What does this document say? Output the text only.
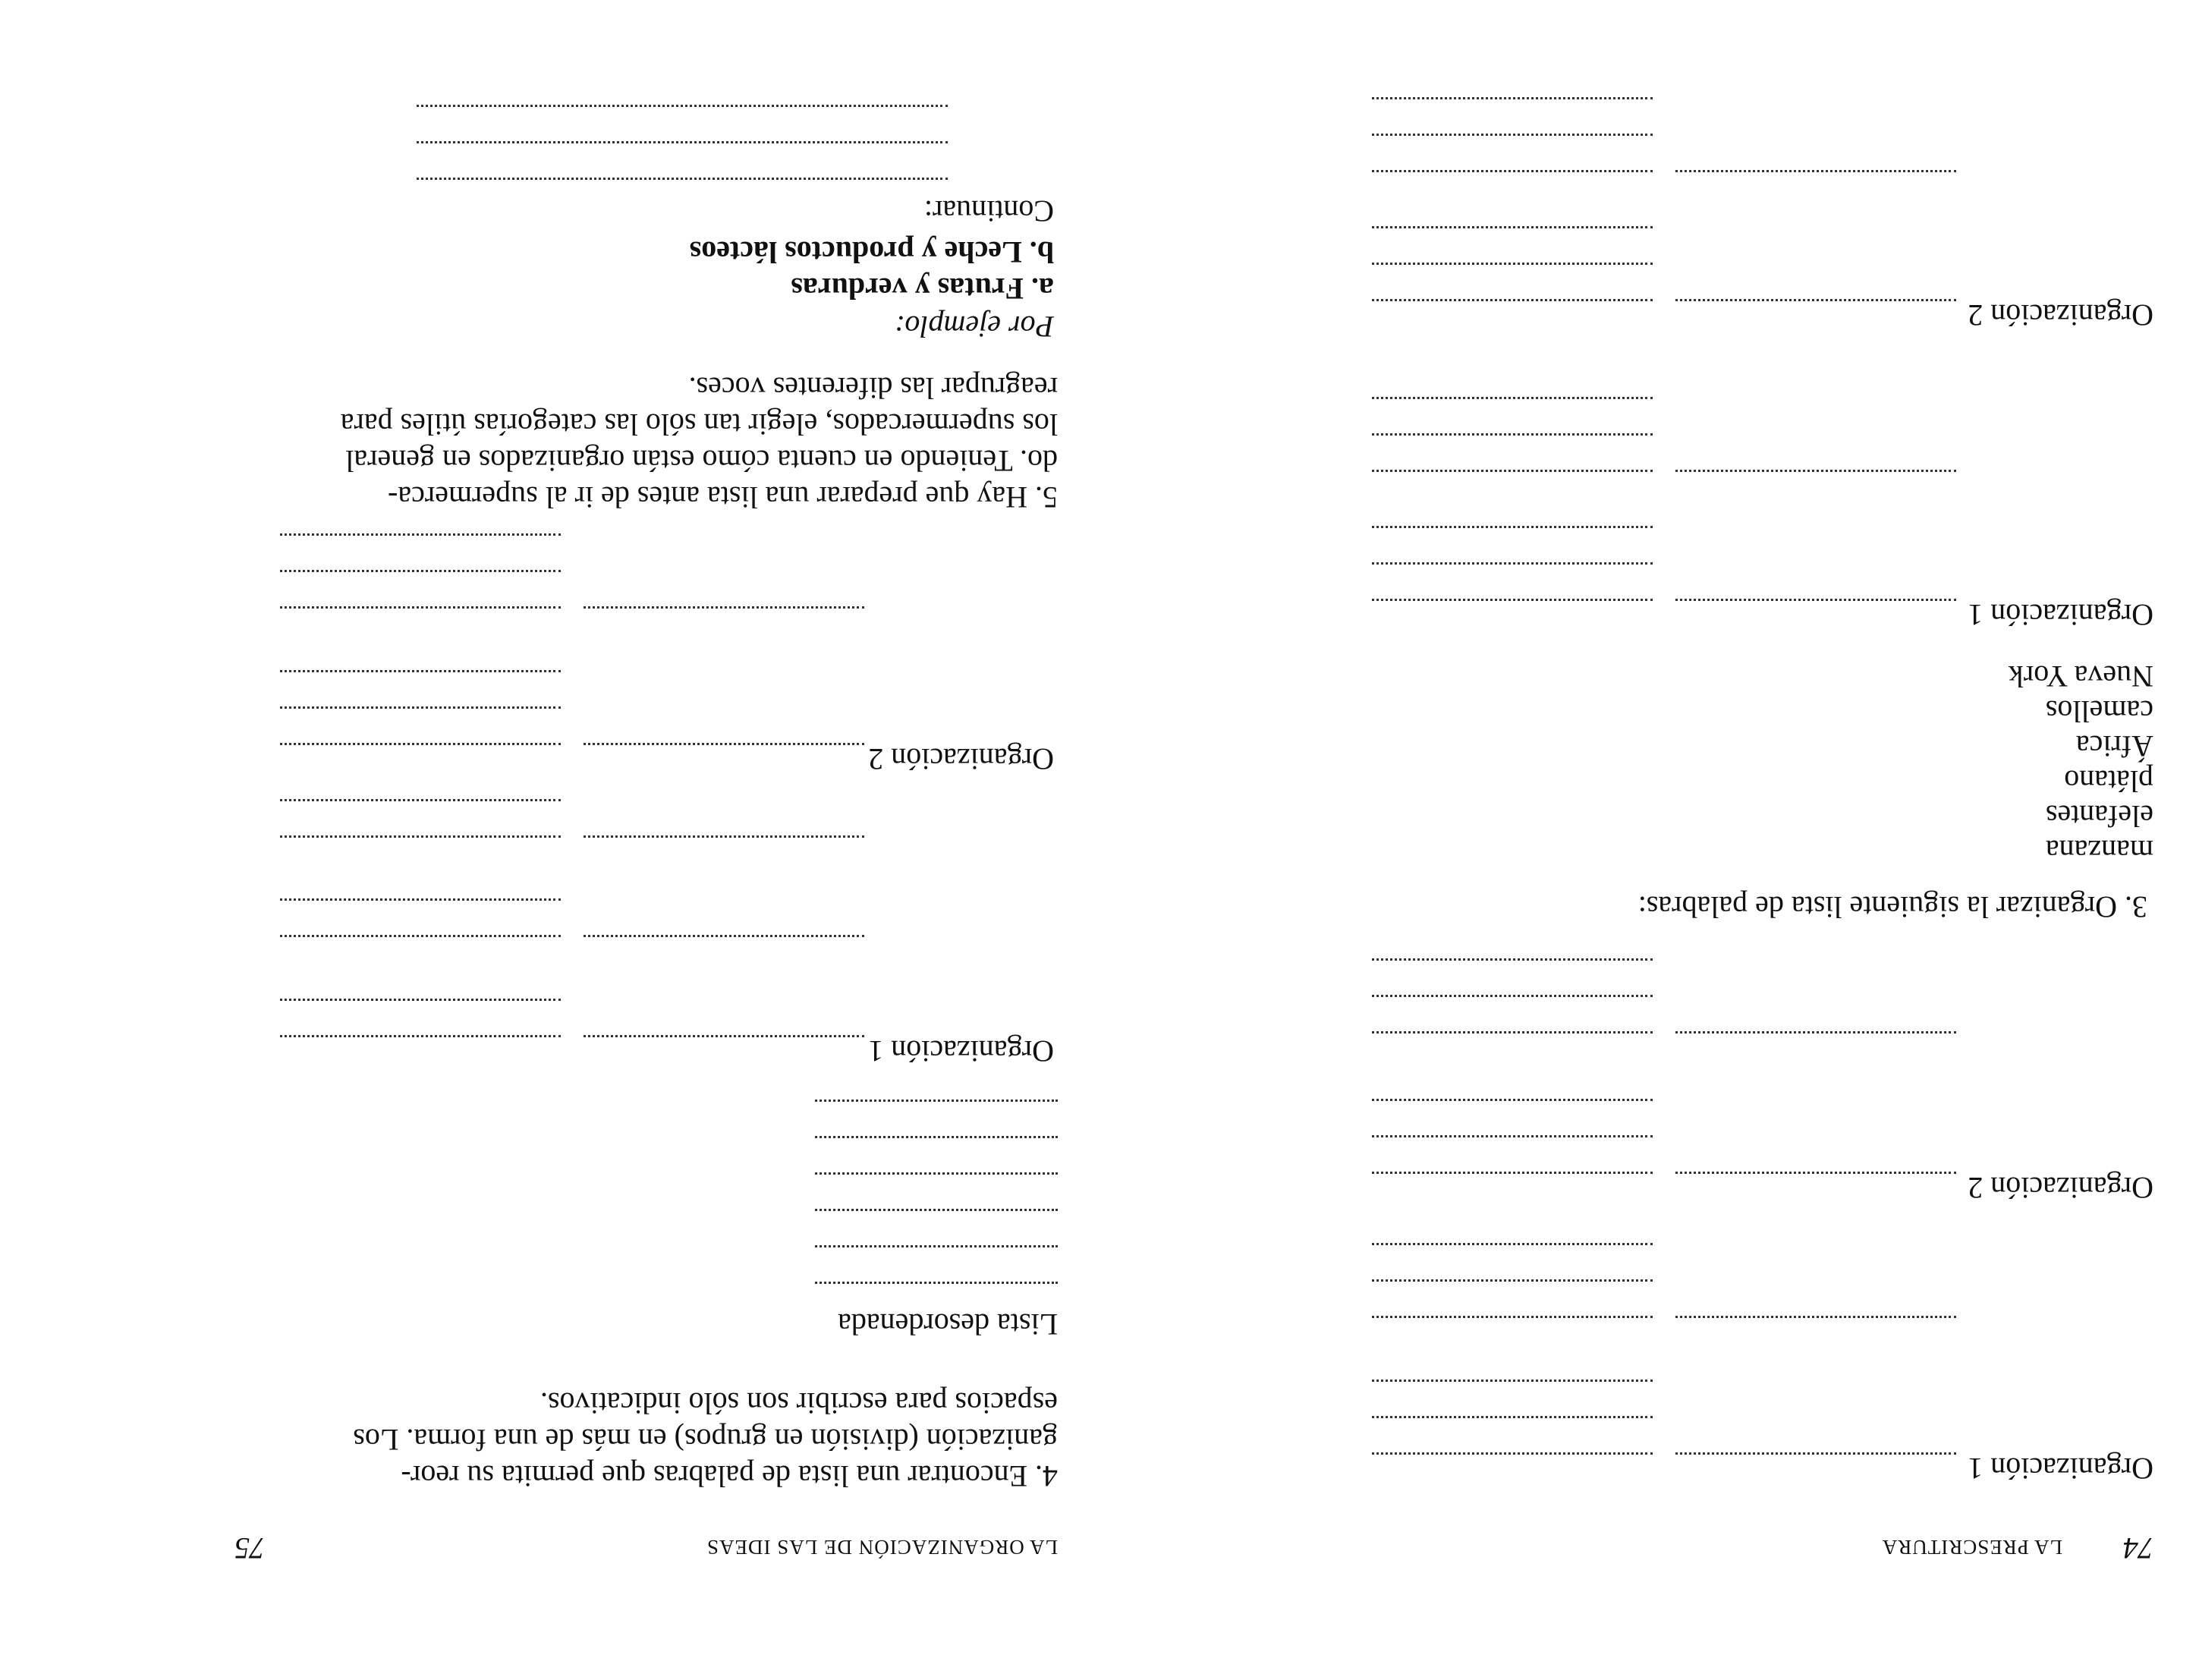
74
LA PRESCRITURA
Organización 1
Organización 2
3. Organizar la siguiente lista de palabras:
manzana
elefantes
plátano
África
camellos
Nueva York
Organización 1
Organización 2
LA ORGANIZACIÓN DE LAS IDEAS
75
4. Encontrar una lista de palabras que permita su reor-
ganización (división en grupos) en más de una forma. Los
espacios para escribir son sólo indicativos.
Lista desordenada
Organización 1
Organización 2
5. Hay que preparar una lista antes de ir al supermerca-
do. Teniendo en cuenta cómo están organizados en general
los supermercados, elegir tan sólo las categorías útiles para
reagrupar las diferentes voces.
Por ejemplo:
a. Frutas y verduras
b. Leche y productos lácteos
Continuar:
